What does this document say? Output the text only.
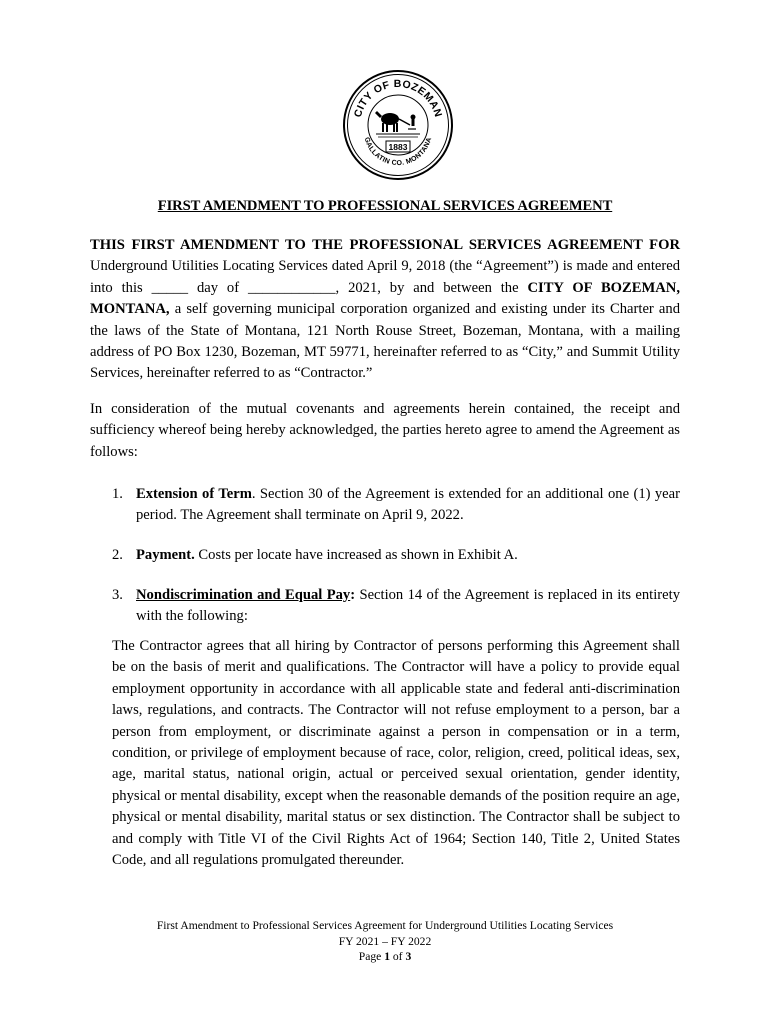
CITY OF BOZEMAN
GALLATIN CO. MONTANA
1883
FIRST AMENDMENT TO PROFESSIONAL SERVICES AGREEMENT
THIS FIRST AMENDMENT TO THE PROFESSIONAL SERVICES AGREEMENT FOR Underground Utilities Locating Services dated April 9, 2018 (the “Agreement”) is made and entered into this _____ day of ____________, 2021, by and between the CITY OF BOZEMAN, MONTANA, a self governing municipal corporation organized and existing under its Charter and the laws of the State of Montana, 121 North Rouse Street, Bozeman, Montana, with a mailing address of PO Box 1230, Bozeman, MT 59771, hereinafter referred to as “City,” and Summit Utility Services, hereinafter referred to as “Contractor.”
In consideration of the mutual covenants and agreements herein contained, the receipt and sufficiency whereof being hereby acknowledged, the parties hereto agree to amend the Agreement as follows:
1. Extension of Term. Section 30 of the Agreement is extended for an additional one (1) year period. The Agreement shall terminate on April 9, 2022.
2. Payment. Costs per locate have increased as shown in Exhibit A.
3. Nondiscrimination and Equal Pay: Section 14 of the Agreement is replaced in its entirety with the following:
The Contractor agrees that all hiring by Contractor of persons performing this Agreement shall be on the basis of merit and qualifications. The Contractor will have a policy to provide equal employment opportunity in accordance with all applicable state and federal anti-discrimination laws, regulations, and contracts. The Contractor will not refuse employment to a person, bar a person from employment, or discriminate against a person in compensation or in a term, condition, or privilege of employment because of race, color, religion, creed, political ideas, sex, age, marital status, national origin, actual or perceived sexual orientation, gender identity, physical or mental disability, except when the reasonable demands of the position require an age, physical or mental disability, marital status or sex distinction. The Contractor shall be subject to and comply with Title VI of the Civil Rights Act of 1964; Section 140, Title 2, United States Code, and all regulations promulgated thereunder.
First Amendment to Professional Services Agreement for Underground Utilities Locating Services
FY 2021 – FY 2022
Page 1 of 3
